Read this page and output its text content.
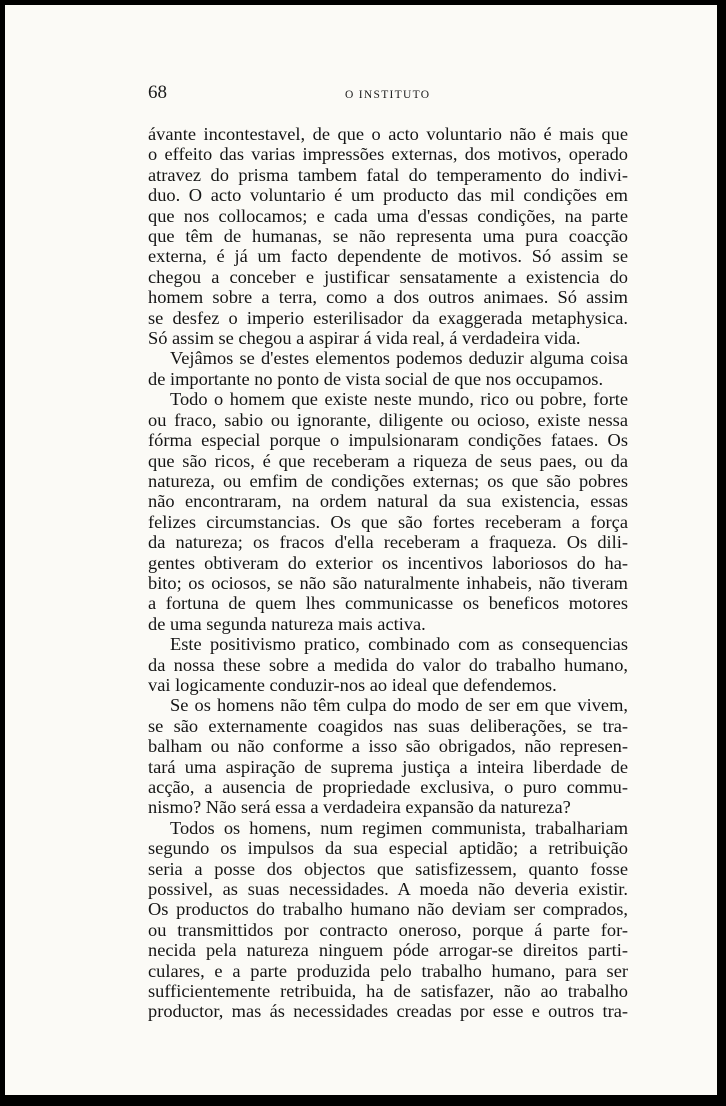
68	O INSTITUTO
ávante incontestavel, de que o acto voluntario não é mais que
o effeito das varias impressões externas, dos motivos, operado
atravez do prisma tambem fatal do temperamento do indivi-
duo. O acto voluntario é um producto das mil condições em
que nos collocamos; e cada uma d'essas condições, na parte
que têm de humanas, se não representa uma pura coacção
externa, é já um facto dependente de motivos. Só assim se
chegou a conceber e justificar sensatamente a existencia do
homem sobre a terra, como a dos outros animaes. Só assim
se desfez o imperio esterilisador da exaggerada metaphysica.
Só assim se chegou a aspirar á vida real, á verdadeira vida.
Vejâmos se d'estes elementos podemos deduzir alguma coisa
de importante no ponto de vista social de que nos occupamos.
Todo o homem que existe neste mundo, rico ou pobre, forte
ou fraco, sabio ou ignorante, diligente ou ocioso, existe nessa
fórma especial porque o impulsionaram condições fataes. Os
que são ricos, é que receberam a riqueza de seus paes, ou da
natureza, ou emfim de condições externas; os que são pobres
não encontraram, na ordem natural da sua existencia, essas
felizes circumstancias. Os que são fortes receberam a força
da natureza; os fracos d'ella receberam a fraqueza. Os dili-
gentes obtiveram do exterior os incentivos laboriosos do ha-
bito; os ociosos, se não são naturalmente inhabeis, não tiveram
a fortuna de quem lhes communicasse os beneficos motores
de uma segunda natureza mais activa.
Este positivismo pratico, combinado com as consequencias
da nossa these sobre a medida do valor do trabalho humano,
vai logicamente conduzir-nos ao ideal que defendemos.
Se os homens não têm culpa do modo de ser em que vivem,
se são externamente coagidos nas suas deliberações, se tra-
balham ou não conforme a isso são obrigados, não represen-
tará uma aspiração de suprema justiça a inteira liberdade de
acção, a ausencia de propriedade exclusiva, o puro commu-
nismo? Não será essa a verdadeira expansão da natureza?
Todos os homens, num regimen communista, trabalhariam
segundo os impulsos da sua especial aptidão; a retribuição
seria a posse dos objectos que satisfizessem, quanto fosse
possivel, as suas necessidades. A moeda não deveria existir.
Os productos do trabalho humano não deviam ser comprados,
ou transmittidos por contracto oneroso, porque á parte for-
necida pela natureza ninguem póde arrogar-se direitos parti-
culares, e a parte produzida pelo trabalho humano, para ser
sufficientemente retribuida, ha de satisfazer, não ao trabalho
productor, mas ás necessidades creadas por esse e outros tra-
